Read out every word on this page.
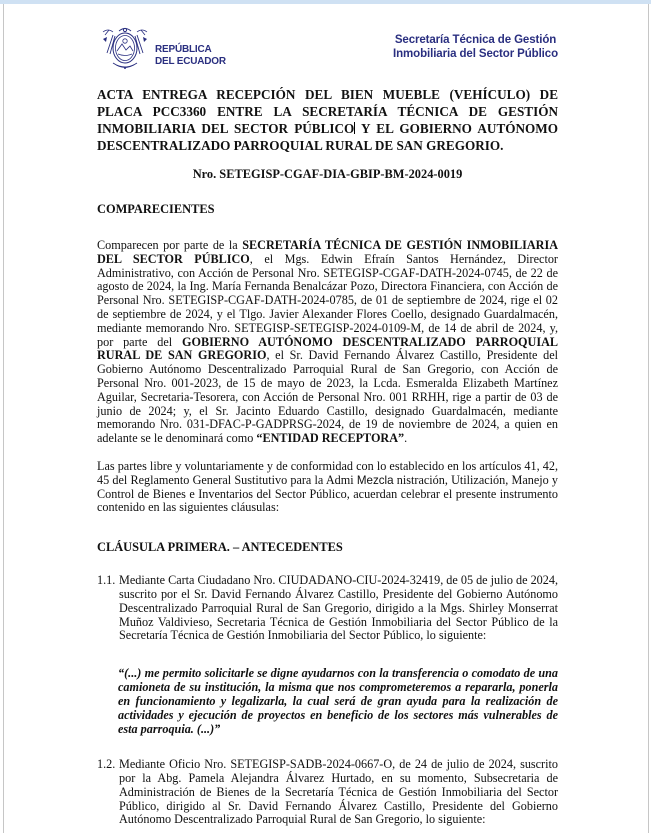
REPÚBLICA
DEL ECUADOR
Secretaría Técnica de Gestión
Inmobiliaria del Sector Público
ACTA ENTREGA RECEPCIÓN DEL BIEN MUEBLE (VEHÍCULO) DE PLACA PCC3360 ENTRE LA SECRETARÍA TÉCNICA DE GESTIÓN INMOBILIARIA DEL SECTOR PÚBLICO Y EL GOBIERNO AUTÓNOMO DESCENTRALIZADO PARROQUIAL RURAL DE SAN GREGORIO.
Nro. SETEGISP-CGAF-DIA-GBIP-BM-2024-0019
COMPARECIENTES
Comparecen por parte de la SECRETARÍA TÉCNICA DE GESTIÓN INMOBILIARIA DEL SECTOR PÚBLICO, el Mgs. Edwin Efraín Santos Hernández, Director Administrativo, con Acción de Personal Nro. SETEGISP-CGAF-DATH-2024-0745, de 22 de agosto de 2024, la Ing. María Fernanda Benalcázar Pozo, Directora Financiera, con Acción de Personal Nro. SETEGISP-CGAF-DATH-2024-0785, de 01 de septiembre de 2024, rige el 02 de septiembre de 2024, y el Tlgo. Javier Alexander Flores Coello, designado Guardalmacén, mediante memorando Nro. SETEGISP-SETEGISP-2024-0109-M, de 14 de abril de 2024, y, por parte del GOBIERNO AUTÓNOMO DESCENTRALIZADO PARROQUIAL RURAL DE SAN GREGORIO, el Sr. David Fernando Álvarez Castillo, Presidente del Gobierno Autónomo Descentralizado Parroquial Rural de San Gregorio, con Acción de Personal Nro. 001-2023, de 15 de mayo de 2023, la Lcda. Esmeralda Elizabeth Martínez Aguilar, Secretaria-Tesorera, con Acción de Personal Nro. 001 RRHH, rige a partir de 03 de junio de 2024; y, el Sr. Jacinto Eduardo Castillo, designado Guardalmacén, mediante memorando Nro. 031-DFAC-P-GADPRSG-2024, de 19 de noviembre de 2024, a quien en adelante se le denominará como “ENTIDAD RECEPTORA”.
Las partes libre y voluntariamente y de conformidad con lo establecido en los artículos 41, 42, 45 del Reglamento General Sustitutivo para la Admi Mezcla nistración, Utilización, Manejo y Control de Bienes e Inventarios del Sector Público, acuerdan celebrar el presente instrumento contenido en las siguientes cláusulas:
CLÁUSULA PRIMERA. – ANTECEDENTES
1.1. Mediante Carta Ciudadano Nro. CIUDADANO-CIU-2024-32419, de 05 de julio de 2024, suscrito por el Sr. David Fernando Álvarez Castillo, Presidente del Gobierno Autónomo Descentralizado Parroquial Rural de San Gregorio, dirigido a la Mgs. Shirley Monserrat Muñoz Valdivieso, Secretaria Técnica de Gestión Inmobiliaria del Sector Público de la Secretaría Técnica de Gestión Inmobiliaria del Sector Público, lo siguiente:
“(...) me permito solicitarle se digne ayudarnos con la transferencia o comodato de una camioneta de su institución, la misma que nos comprometeremos a repararla, ponerla en funcionamiento y legalizarla, la cual será de gran ayuda para la realización de actividades y ejecución de proyectos en beneficio de los sectores más vulnerables de esta parroquia. (...)”
1.2. Mediante Oficio Nro. SETEGISP-SADB-2024-0667-O, de 24 de julio de 2024, suscrito por la Abg. Pamela Alejandra Álvarez Hurtado, en su momento, Subsecretaria de Administración de Bienes de la Secretaría Técnica de Gestión Inmobiliaria del Sector Público, dirigido al Sr. David Fernando Álvarez Castillo, Presidente del Gobierno Autónomo Descentralizado Parroquial Rural de San Gregorio, lo siguiente:
